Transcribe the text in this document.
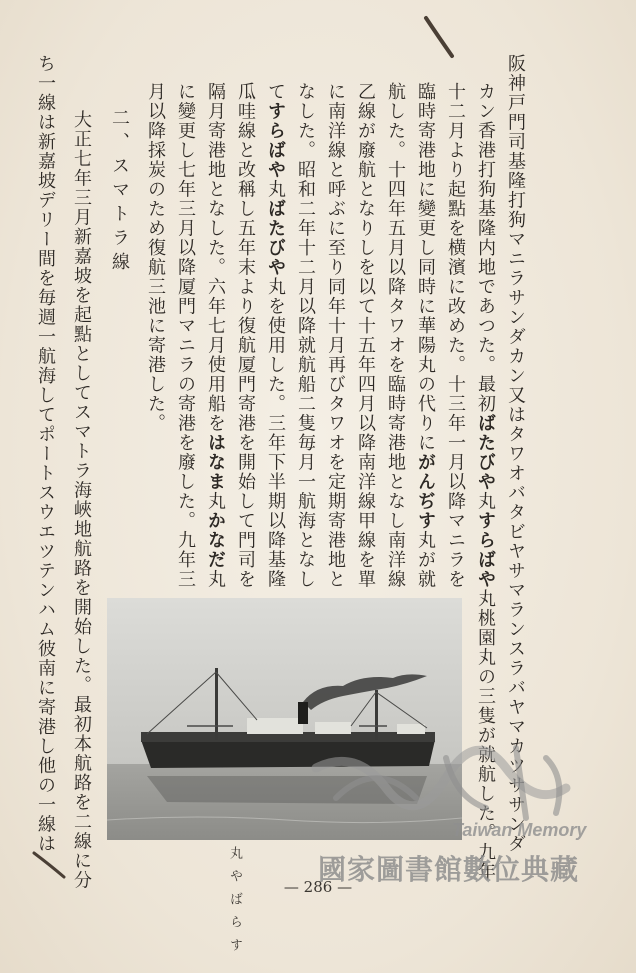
阪神戸門司基隆打狗マニラサンダカン又はタワオバタビヤサマランスラバヤマカツササンダ
カン香港打狗基隆内地であつた。最初ばたびや丸すらばや丸桃園丸の三隻が就航した。九年
十二月より起點を横濱に改めた。十三年一月以降マニラを
臨時寄港地に變更し同時に華陽丸の代りにがんぢす丸が就
航した。十四年五月以降タワオを臨時寄港地となし南洋線
乙線が廢航となりしを以て十五年四月以降南洋線甲線を單
に南洋線と呼ぶに至り同年十月再びタワオを定期寄港地と
なした。昭和二年十二月以降就航船二隻毎月一航海となし
てすらばや丸ばたびや丸を使用した。三年下半期以降基隆
瓜哇線と改稱し五年末より復航厦門寄港を開始して門司を
隔月寄港地となした。六年七月使用船をはなま丸かなだ丸
に變更し七年三月以降厦門マニラの寄港を廢した。九年三
月以降採炭のため復航三池に寄港した。
二、スマトラ線
大正七年三月新嘉坡を起點としてスマトラ海峽地航路を開始した。最初本航路を二線に分
ち一線は新嘉坡デリー間を毎週一航海してポートスウエツテンハム彼南に寄港し他の一線は
丸やばらす
Taiwan Memory
國家圖書館數位典藏
— 286 —
